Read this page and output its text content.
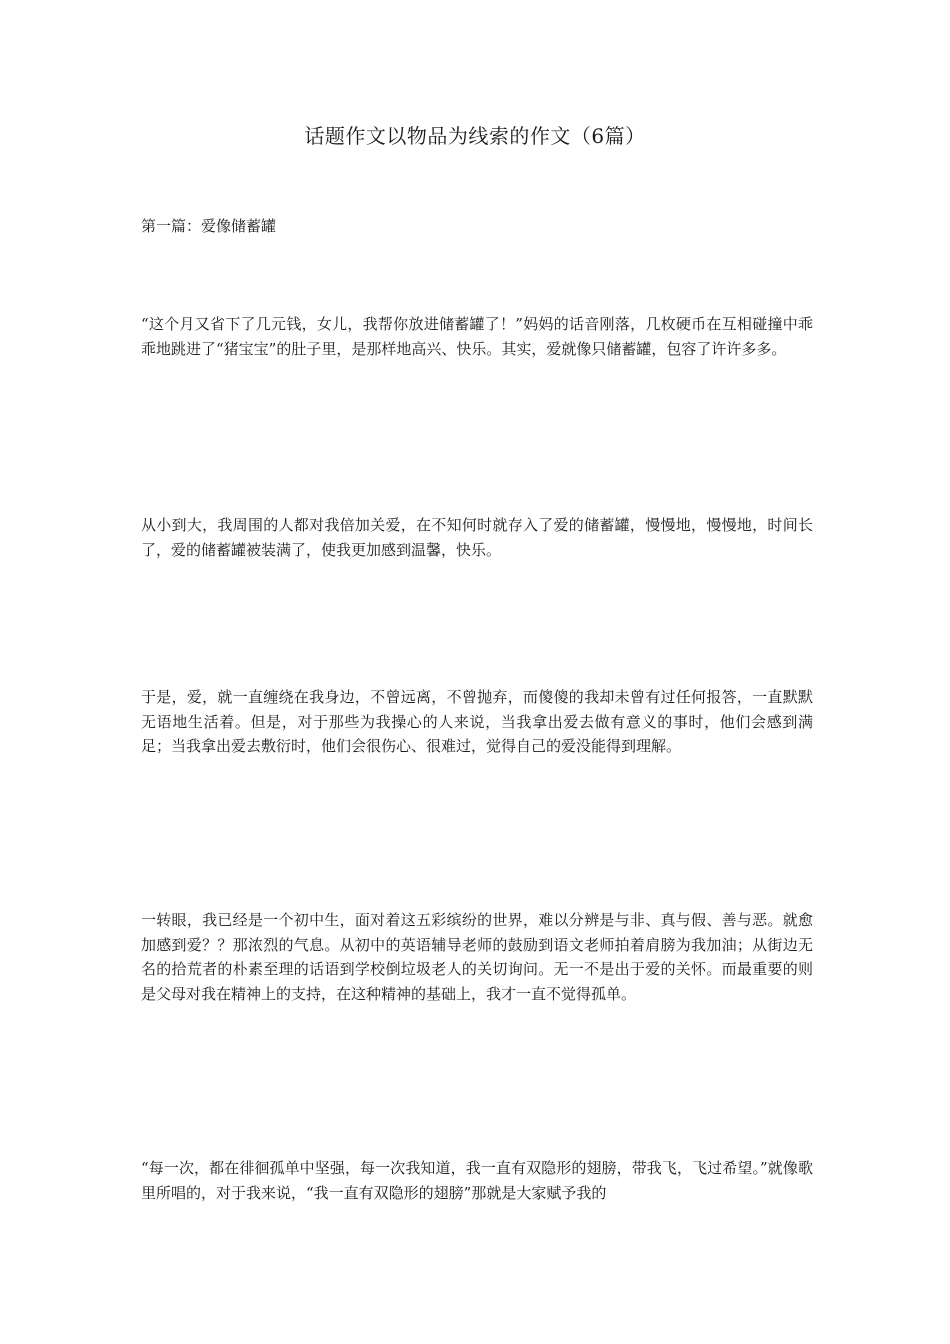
话题作文以物品为线索的作文（6篇）
第一篇：爱像储蓄罐

“这个月又省下了几元钱，女儿，我帮你放进储蓄罐了！”妈妈的话音刚落，几枚硬币在互相碰撞中乖乖地跳进了“猪宝宝”的肚子里，是那样地高兴、快乐。其实，爱就像只储蓄罐，包容了许许多多。

从小到大，我周围的人都对我倍加关爱，在不知何时就存入了爱的储蓄罐，慢慢地，慢慢地，时间长了，爱的储蓄罐被装满了，使我更加感到温馨，快乐。

于是，爱，就一直缠绕在我身边，不曾远离，不曾抛弃，而傻傻的我却未曾有过任何报答，一直默默无语地生活着。但是，对于那些为我操心的人来说，当我拿出爱去做有意义的事时，他们会感到满足；当我拿出爱去敷衍时，他们会很伤心、很难过，觉得自己的爱没能得到理解。

一转眼，我已经是一个初中生，面对着这五彩缤纷的世界，难以分辨是与非、真与假、善与恶。就愈加感到爱？？那浓烈的气息。从初中的英语辅导老师的鼓励到语文老师拍着肩膀为我加油；从街边无名的拾荒者的朴素至理的话语到学校倒垃圾老人的关切询问。无一不是出于爱的关怀。而最重要的则是父母对我在精神上的支持，在这种精神的基础上，我才一直不觉得孤单。

“每一次，都在徘徊孤单中坚强，每一次我知道，我一直有双隐形的翅膀，带我飞，飞过希望。”就像歌里所唱的，对于我来说，“我一直有双隐形的翅膀”那就是大家赋予我的
